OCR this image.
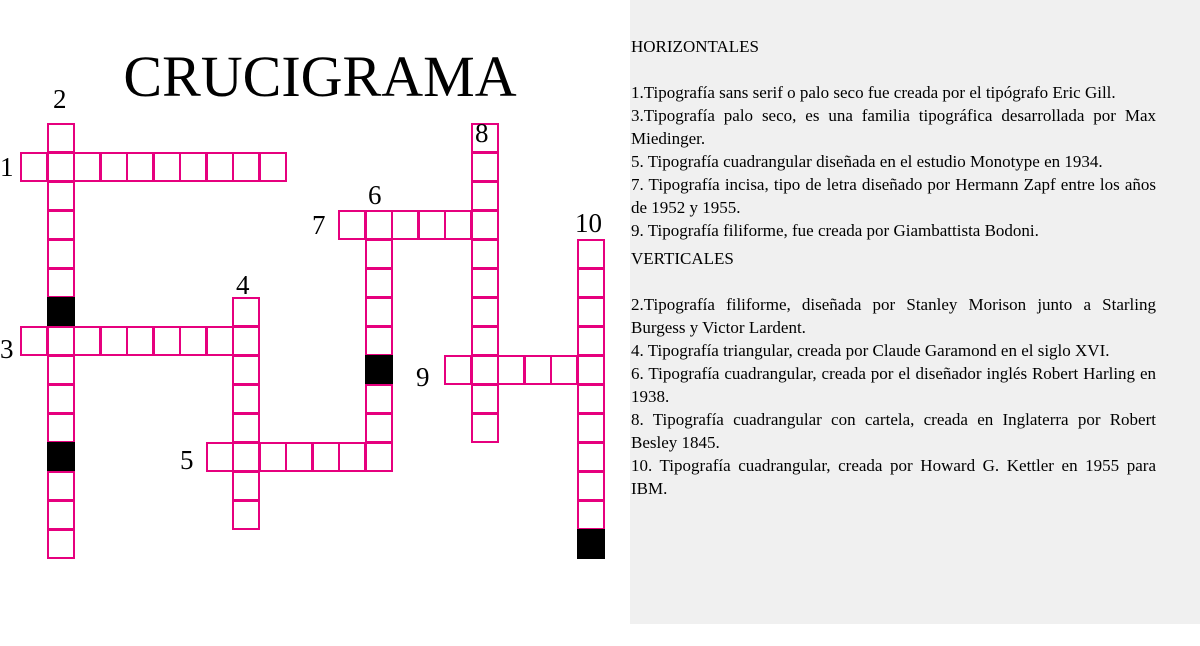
CRUCIGRAMA
1
2
3
4
5
6
7
8
9
10
HORIZONTALES

1.Tipografía sans serif o palo seco fue creada por el tipógrafo Eric Gill.

3.Tipografía palo seco, es una familia tipográfica desarrollada por Max Miedinger.

5. Tipografía cuadrangular diseñada en el estudio Monotype en 1934.

7. Tipografía incisa, tipo de letra diseñado por Hermann Zapf entre los años de 1952 y 1955.

9. Tipografía filiforme, fue creada por Giambattista Bodoni.

VERTICALES

2.Tipografía filiforme, diseñada por Stanley Morison junto a Starling Burgess y Victor Lardent.

4. Tipografía triangular, creada por Claude Garamond en el siglo XVI.

6. Tipografía cuadrangular, creada por el diseñador inglés Robert Harling en 1938.

8. Tipografía cuadrangular con cartela, creada en Inglaterra por Robert Besley 1845.

10. Tipografía cuadrangular, creada por Howard G. Kettler en 1955 para IBM.
